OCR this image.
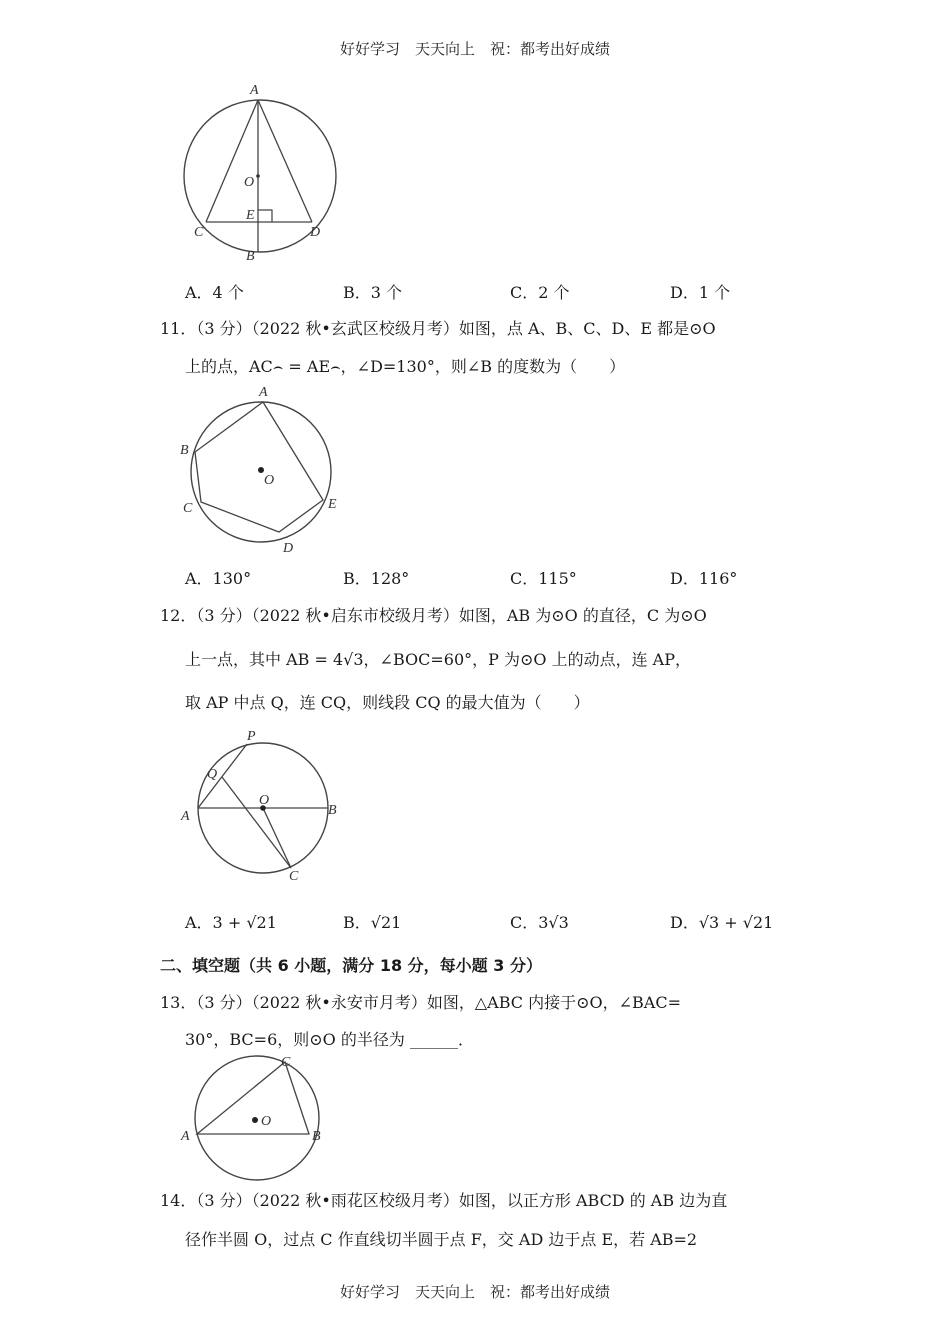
好好学习　天天向上　祝：都考出好成绩
A
O
E
C	D
B
A．4 个	B．3 个	C．2 个	D．1 个
11．（3 分）（2022 秋•玄武区校级月考）如图，点 A、B、C、D、E 都是⊙O
上的点，AC⌢ = AE⌢，∠D=130°，则∠B 的度数为（　　）
A
B
O
C	E
D
A．130°	B．128°	C．115°	D．116°
12．（3 分）（2022 秋•启东市校级月考）如图，AB 为⊙O 的直径，C 为⊙O
上一点，其中 AB = 4√3，∠BOC=60°，P 为⊙O 上的动点，连 AP，
取 AP 中点 Q，连 CQ，则线段 CQ 的最大值为（　　）
P
Q
O
A	B
C
A．3 + √21	B．√21	C．3√3	D．√3 + √21
二、填空题（共 6 小题，满分 18 分，每小题 3 分）
13．（3 分）（2022 秋•永安市月考）如图，△ABC 内接于⊙O，∠BAC=
30°，BC=6，则⊙O 的半径为 ______．
C
O
A	B
14．（3 分）（2022 秋•雨花区校级月考）如图，以正方形 ABCD 的 AB 边为直
径作半圆 O，过点 C 作直线切半圆于点 F，交 AD 边于点 E，若 AB=2
好好学习　天天向上　祝：都考出好成绩
